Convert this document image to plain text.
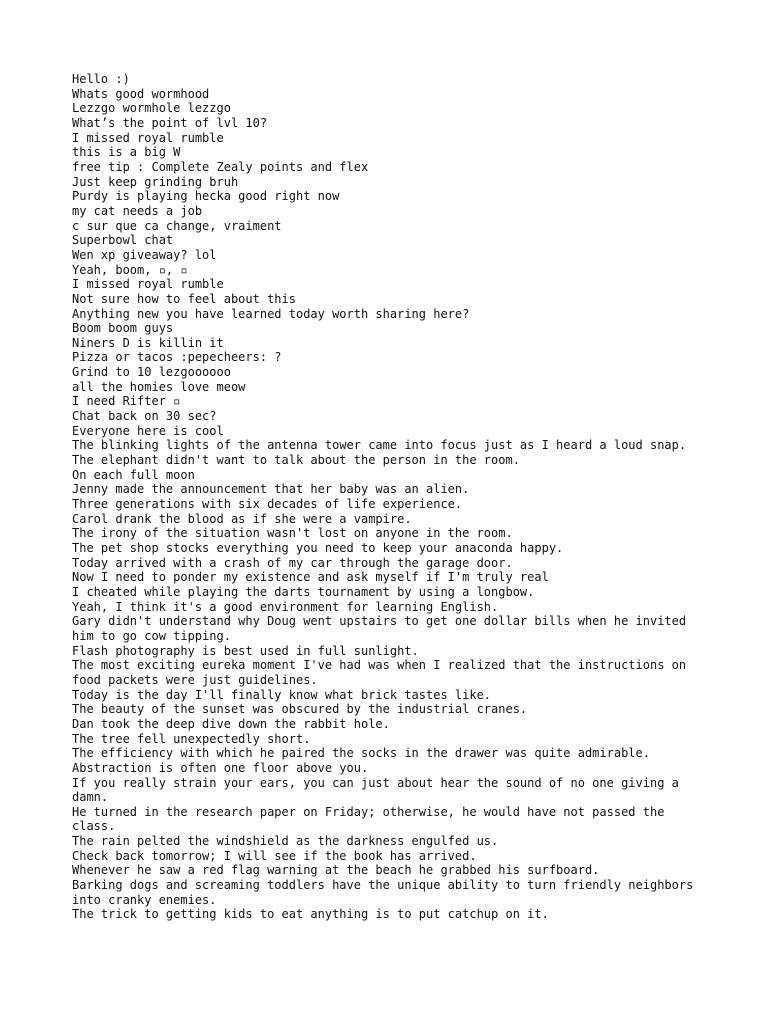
Hello :)
Whats good wormhood
Lezzgo wormhole lezzgo
What’s the point of lvl 10?
I missed royal rumble
this is a big W
free tip : Complete Zealy points and flex
Just keep grinding bruh
Purdy is playing hecka good right now
my cat needs a job
c sur que ca change, vraiment
Superbowl chat
Wen xp giveaway? lol
Yeah, boom, ▫, ▫
I missed royal rumble
Not sure how to feel about this
Anything new you have learned today worth sharing here?
Boom boom guys
Niners D is killin it
Pizza or tacos :pepecheers: ?
Grind to 10 lezgoooooo
all the homies love meow
I need Rifter ▫
Chat back on 30 sec?
Everyone here is cool
The blinking lights of the antenna tower came into focus just as I heard a loud snap.
The elephant didn't want to talk about the person in the room.
On each full moon
Jenny made the announcement that her baby was an alien.
Three generations with six decades of life experience.
Carol drank the blood as if she were a vampire.
The irony of the situation wasn't lost on anyone in the room.
The pet shop stocks everything you need to keep your anaconda happy.
Today arrived with a crash of my car through the garage door.
Now I need to ponder my existence and ask myself if I'm truly real
I cheated while playing the darts tournament by using a longbow.
Yeah, I think it's a good environment for learning English.
Gary didn't understand why Doug went upstairs to get one dollar bills when he invited him to go cow tipping.
Flash photography is best used in full sunlight.
The most exciting eureka moment I've had was when I realized that the instructions on food packets were just guidelines.
Today is the day I'll finally know what brick tastes like.
The beauty of the sunset was obscured by the industrial cranes.
Dan took the deep dive down the rabbit hole.
The tree fell unexpectedly short.
The efficiency with which he paired the socks in the drawer was quite admirable.
Abstraction is often one floor above you.
If you really strain your ears, you can just about hear the sound of no one giving a damn.
He turned in the research paper on Friday; otherwise, he would have not passed the class.
The rain pelted the windshield as the darkness engulfed us.
Check back tomorrow; I will see if the book has arrived.
Whenever he saw a red flag warning at the beach he grabbed his surfboard.
Barking dogs and screaming toddlers have the unique ability to turn friendly neighbors into cranky enemies.
The trick to getting kids to eat anything is to put catchup on it.
